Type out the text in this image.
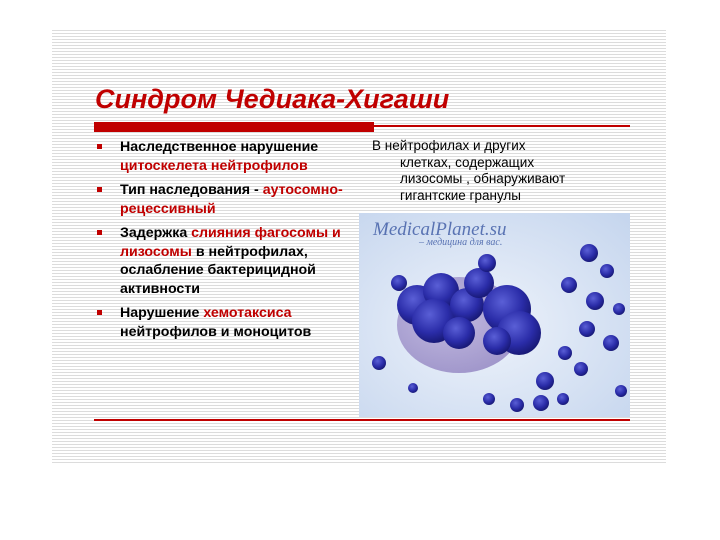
Синдром Чедиака-Хигаши
Наследственное нарушение цитоскелета нейтрофилов
Тип наследования - аутосомно-рецессивный
Задержка слияния фагосомы и лизосомы в нейтрофилах, ослабление бактерицидной активности
Нарушение хемотаксиса нейтрофилов и моноцитов
В нейтрофилах и других
клетках, содержащих
лизосомы , обнаруживают
гигантские гранулы
MedicalPlanet.su
– медицина для вас.
